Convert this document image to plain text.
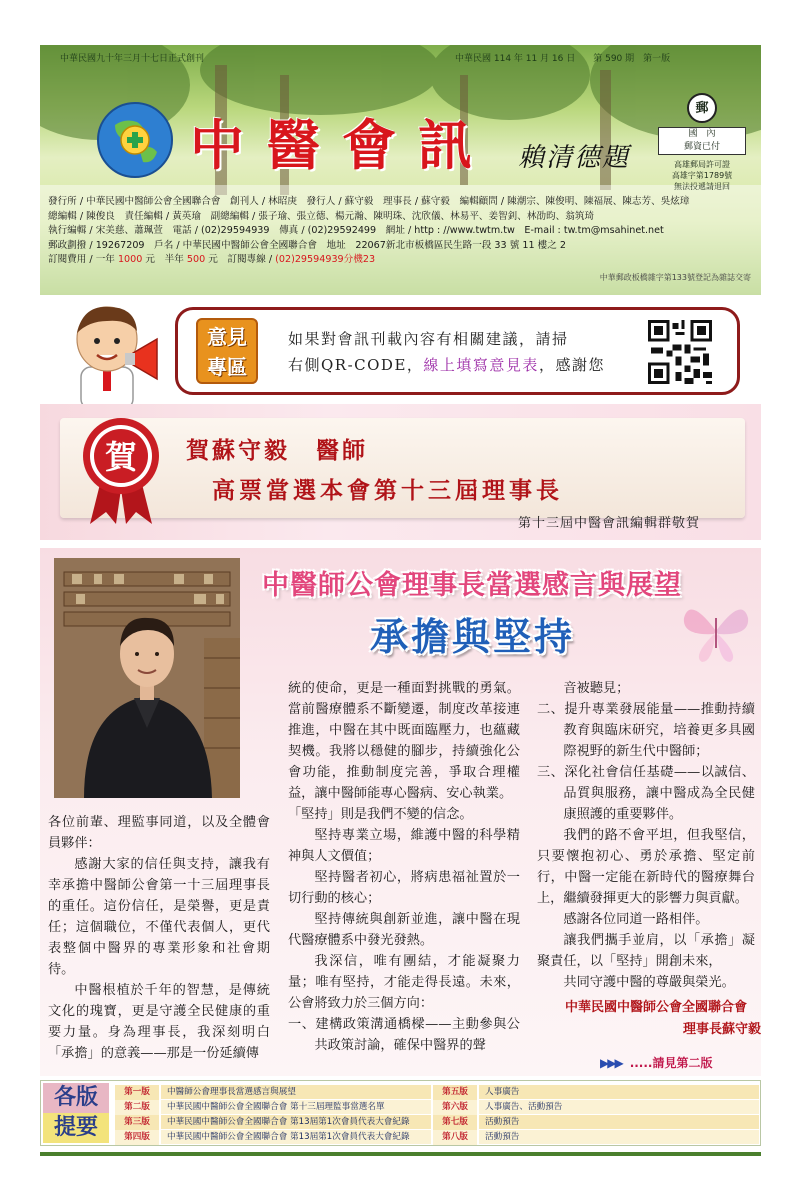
中華民國九十年三月十七日正式創刊	中華民國 114 年 11 月 16 日　　第 590 期　第一版
中醫會訊 賴清德題
郵
國　內
郵資已付
高雄郵局許可證
高雄字第1789號
無法投遞請退回
發行所 / 中華民國中醫師公會全國聯合會　創刊人 / 林昭庚　發行人 / 蘇守毅　理事長 / 蘇守毅　編輯顧問 / 陳潮宗、陳俊明、陳福展、陳志芳、吳炫璋
總編輯 / 陳俊良　責任編輯 / 黃英瑜　副總編輯 / 張子瑜、張立德、楊元瀚、陳明珠、沈欣儀、林易平、姜智釗、林劭昀、翁筑琦
執行編輯 / 宋美慈、蕭珮萱　電話 / (02)29594939　傳真 / (02)29592499　網址 / http : //www.twtm.tw　E-mail : tw.tm@msahinet.net
郵政劃撥 / 19267209　戶名 / 中華民國中醫師公會全國聯合會　地址　22067新北市板橋區民生路一段 33 號 11 樓之 2
訂閱費用 / 一年 1000 元　半年 500 元　訂閱專線 / (02)29594939分機23
中華郵政板橋雜字第133號登記為雜誌交寄
意見
專區
如果對會訊刊載內容有相關建議，請掃
右側QR-CODE，線上填寫意見表，感謝您
賀 賀蘇守毅　醫師
高票當選本會第十三屆理事長
第十三屆中醫會訊編輯群敬賀
中醫師公會理事長當選感言與展望
承擔與堅持

各位前輩、理監事同道，以及全體會員夥伴：

感謝大家的信任與支持，讓我有幸承擔中醫師公會第一十三屆理事長的重任。這份信任，是榮譽，更是責任；這個職位，不僅代表個人，更代表整個中醫界的專業形象和社會期待。

中醫根植於千年的智慧，是傳統文化的瑰寶，更是守護全民健康的重要力量。身為理事長，我深刻明白「承擔」的意義——那是一份延續傳

統的使命，更是一種面對挑戰的勇氣。當前醫療體系不斷變遷，制度改革接連推進，中醫在其中既面臨壓力，也蘊藏契機。我將以穩健的腳步，持續強化公會功能，推動制度完善，爭取合理權益，讓中醫師能專心醫病、安心執業。

「堅持」則是我們不變的信念。

堅持專業立場，維護中醫的科學精神與人文價值；

堅持醫者初心，將病患福祉置於一切行動的核心；

堅持傳統與創新並進，讓中醫在現代醫療體系中發光發熱。

我深信，唯有團結，才能凝聚力量；唯有堅持，才能走得長遠。未來，公會將致力於三個方向：

一、建構政策溝通橋樑——主動參與公共政策討論，確保中醫界的聲

　　音被聽見；

二、提升專業發展能量——推動持續教育與臨床研究，培養更多具國際視野的新生代中醫師；

三、深化社會信任基礎——以誠信、品質與服務，讓中醫成為全民健康照護的重要夥伴。

我們的路不會平坦，但我堅信，只要懷抱初心、勇於承擔、堅定前行，中醫一定能在新時代的醫療舞台上，繼續發揮更大的影響力與貢獻。

感謝各位同道一路相伴。

讓我們攜手並肩，以「承擔」凝聚責任，以「堅持」開創未來，

共同守護中醫的尊嚴與榮光。

中華民國中醫師公會全國聯合會
理事長蘇守毅
▶▶▶ .....請見第二版
各版
提要
第一版	中醫師公會理事長當選感言與展望
第二版	中華民國中醫師公會全國聯合會 第十三屆理監事當選名單
第三版	中華民國中醫師公會全國聯合會 第13屆第1次會員代表大會紀錄
第四版	中華民國中醫師公會全國聯合會 第13屆第1次會員代表大會紀錄
第五版	人事廣告
第六版	人事廣告、活動預告
第七版	活動預告
第八版	活動預告
